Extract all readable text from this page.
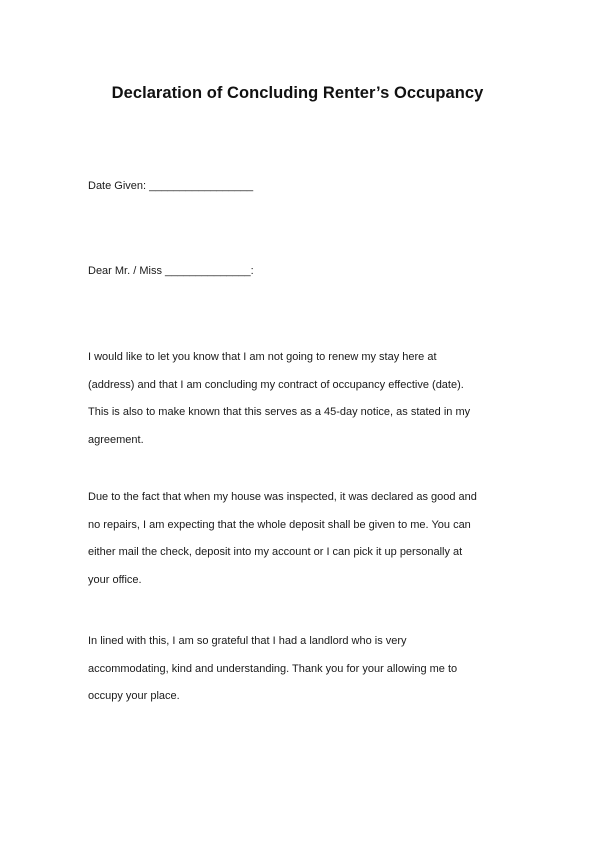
Declaration of Concluding Renter’s Occupancy
Date Given: _________________
Dear Mr. / Miss ______________:

I would like to let you know that I am not going to renew my stay here at
(address) and that I am concluding my contract of occupancy effective (date).
This is also to make known that this serves as a 45-day notice, as stated in my
agreement.

Due to the fact that when my house was inspected, it was declared as good and
no repairs, I am expecting that the whole deposit shall be given to me. You can
either mail the check, deposit into my account or I can pick it up personally at
your office.

In lined with this, I am so grateful that I had a landlord who is very
accommodating, kind and understanding. Thank you for your allowing me to
occupy your place.
